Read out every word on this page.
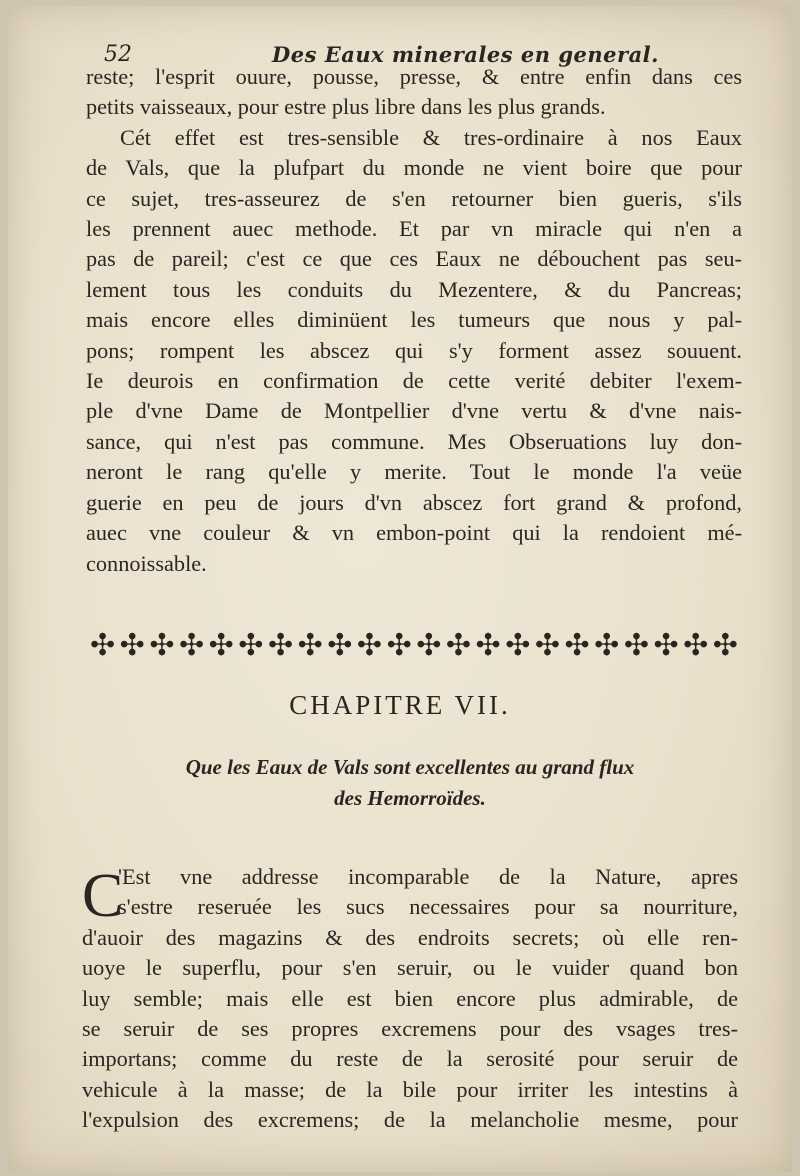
52	Des Eaux minerales en general.
reste; l'esprit ouure, pousse, presse, & entre enfin dans ces
petits vaisseaux, pour estre plus libre dans les plus grands.
Cét effet est tres-sensible & tres-ordinaire à nos Eaux
de Vals, que la plufpart du monde ne vient boire que pour
ce sujet, tres-asseurez de s'en retourner bien gueris, s'ils
les prennent auec methode. Et par vn miracle qui n'en a
pas de pareil; c'est ce que ces Eaux ne débouchent pas seu-
lement tous les conduits du Mezentere, & du Pancreas;
mais encore elles diminüent les tumeurs que nous y pal-
pons; rompent les abscez qui s'y forment assez souuent.
Ie deurois en confirmation de cette verité debiter l'exem-
ple d'vne Dame de Montpellier d'vne vertu & d'vne nais-
sance, qui n'est pas commune. Mes Obseruations luy don-
neront le rang qu'elle y merite. Tout le monde l'a veüe
guerie en peu de jours d'vn abscez fort grand & profond,
auec vne couleur & vn embon-point qui la rendoient mé-
connoissable.
✣ ✣ ✣ ✣ ✣ ✣ ✣ ✣ ✣ ✣ ✣ ✣ ✣ ✣ ✣ ✣ ✣ ✣ ✣ ✣ ✣ ✣
CHAPITRE VII.
Que les Eaux de Vals sont excellentes au grand flux
des Hemorroïdes.
C
'Est vne addresse incomparable de la Nature, apres
s'estre reseruée les sucs necessaires pour sa nourriture,
d'auoir des magazins & des endroits secrets; où elle ren-
uoye le superflu, pour s'en seruir, ou le vuider quand bon
luy semble; mais elle est bien encore plus admirable, de
se seruir de ses propres excremens pour des vsages tres-
importans; comme du reste de la serosité pour seruir de
vehicule à la masse; de la bile pour irriter les intestins à
l'expulsion des excremens; de la melancholie mesme, pour
